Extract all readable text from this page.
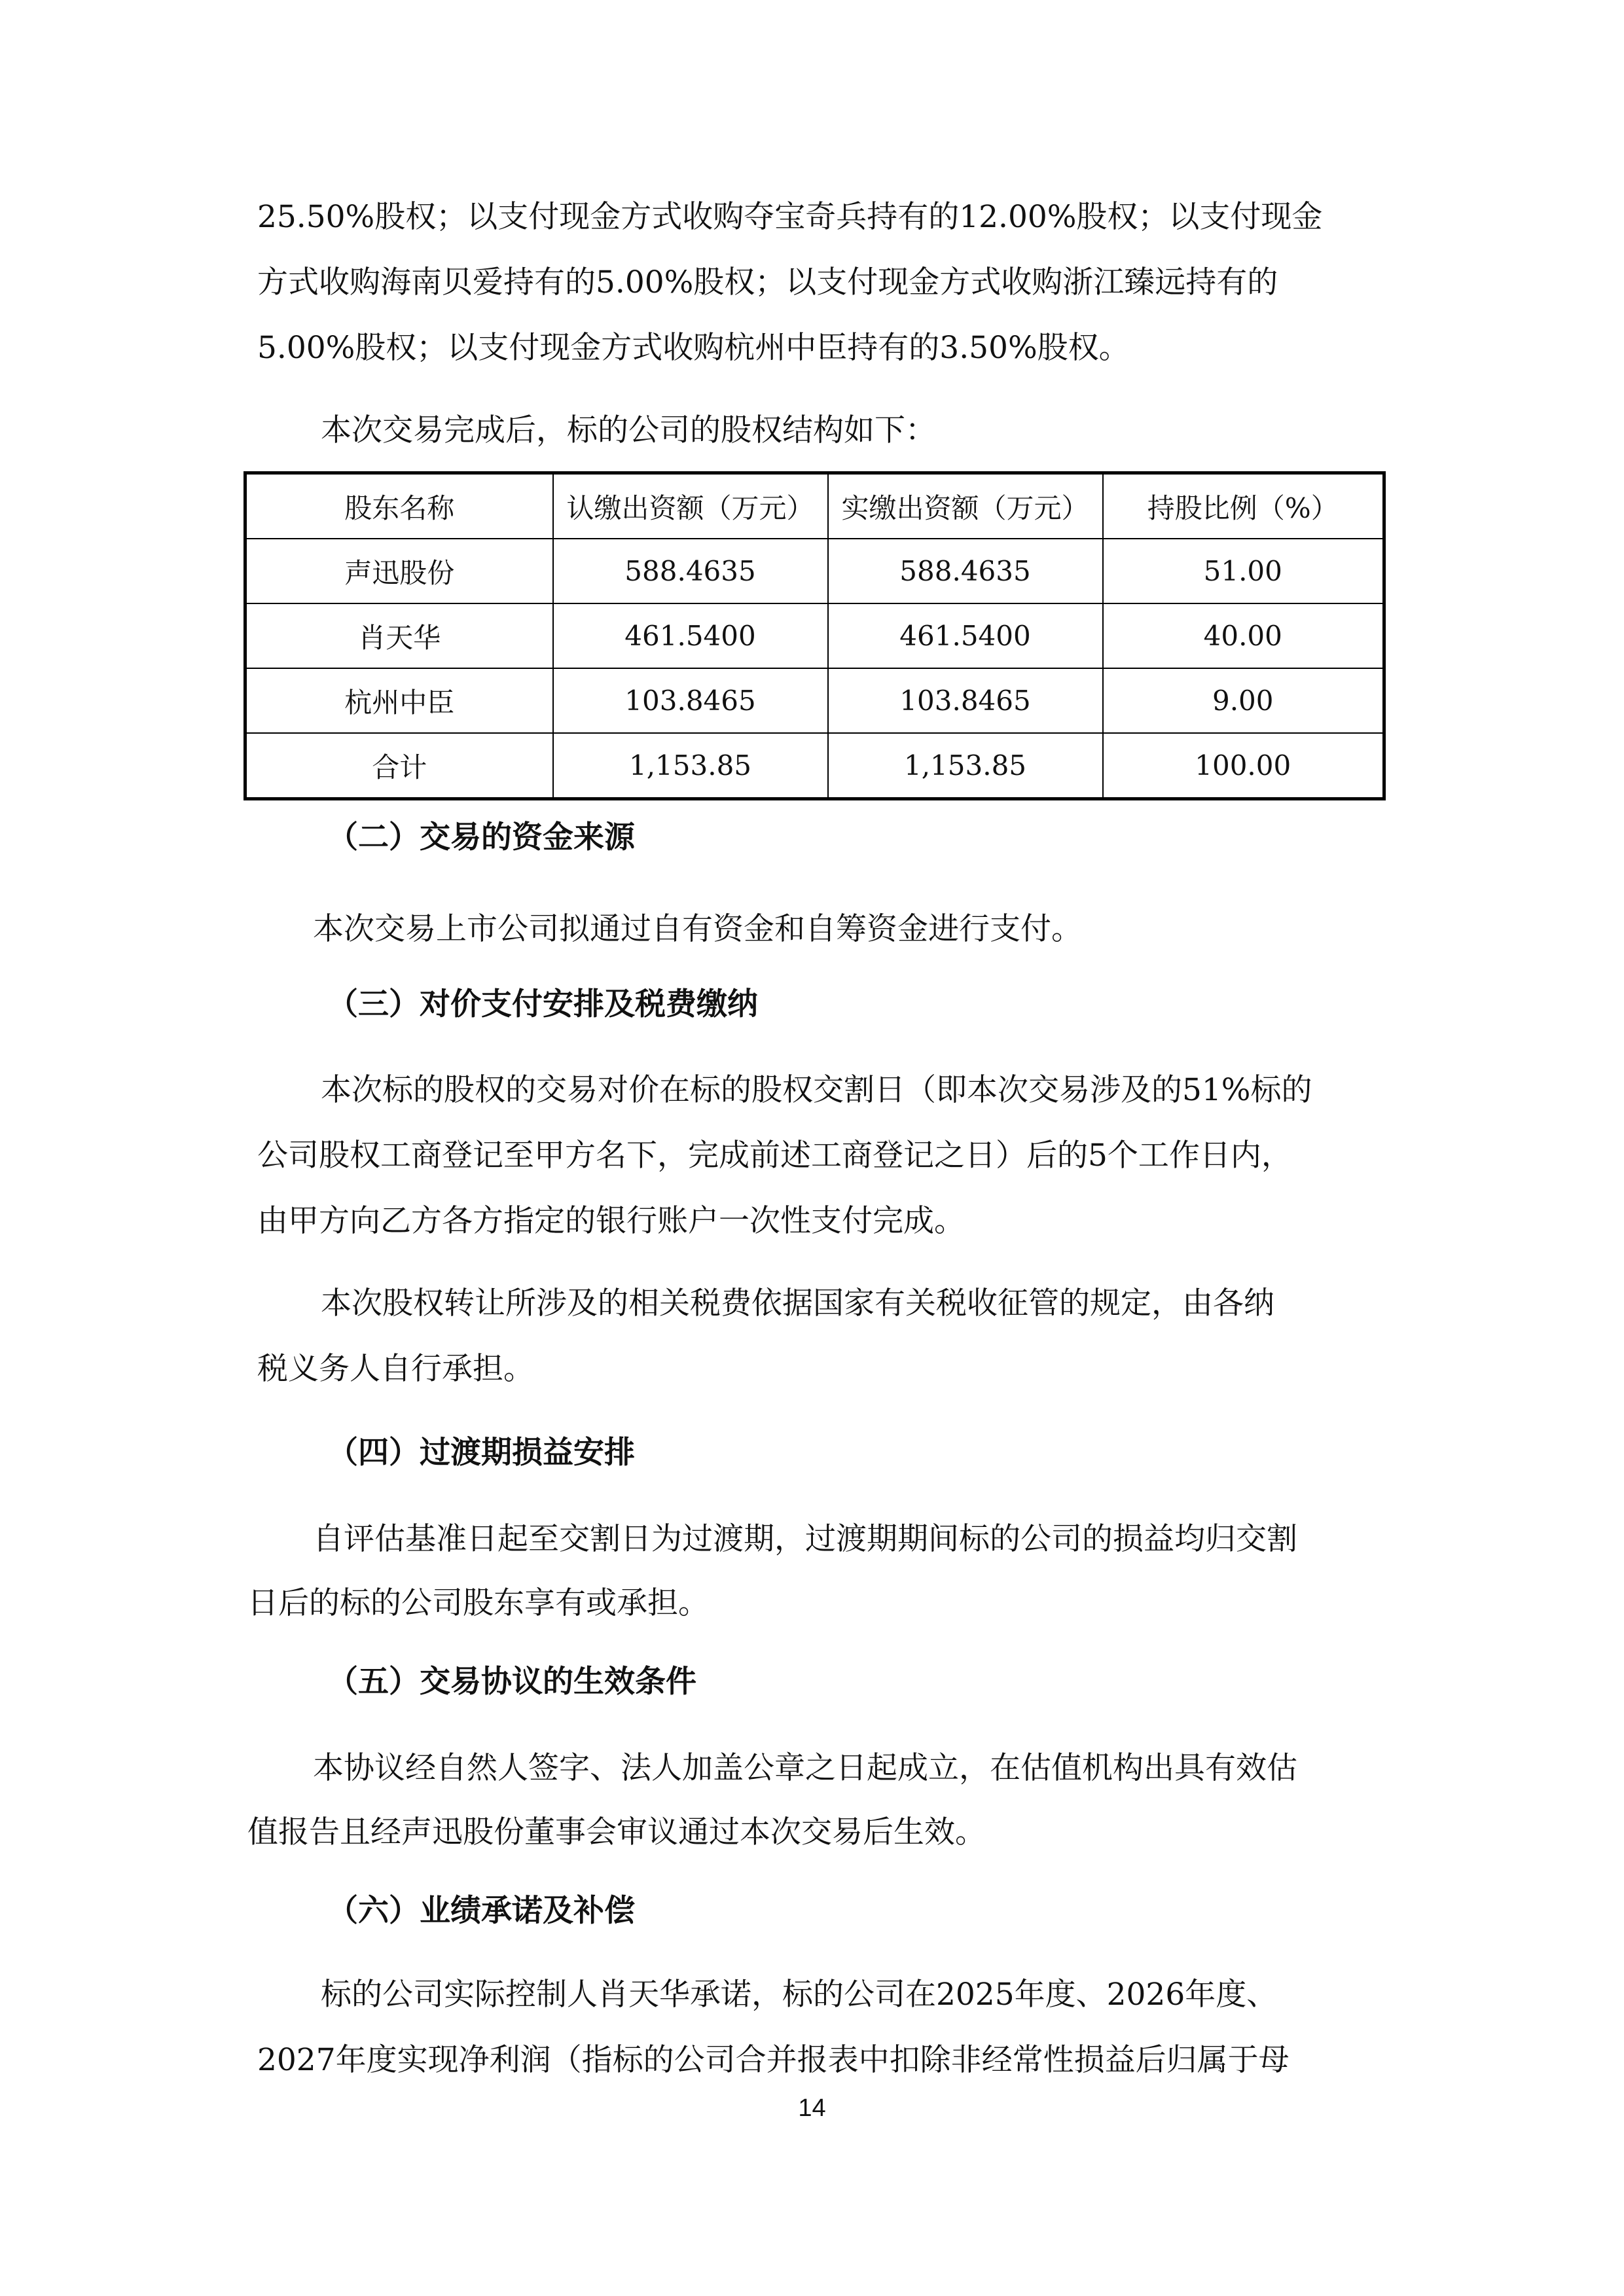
25.50%股权；以支付现金方式收购夺宝奇兵持有的12.00%股权；以支付现金
方式收购海南贝爱持有的5.00%股权；以支付现金方式收购浙江臻远持有的
5.00%股权；以支付现金方式收购杭州中臣持有的3.50%股权。
本次交易完成后，标的公司的股权结构如下：
股东名称	认缴出资额（万元）	实缴出资额（万元）	持股比例（%）
声迅股份	588.4635	588.4635	51.00
肖天华	461.5400	461.5400	40.00
杭州中臣	103.8465	103.8465	9.00
合计	1,153.85	1,153.85	100.00
（二）交易的资金来源
本次交易上市公司拟通过自有资金和自筹资金进行支付。
（三）对价支付安排及税费缴纳
本次标的股权的交易对价在标的股权交割日（即本次交易涉及的51%标的
公司股权工商登记至甲方名下，完成前述工商登记之日）后的5个工作日内，
由甲方向乙方各方指定的银行账户一次性支付完成。
本次股权转让所涉及的相关税费依据国家有关税收征管的规定，由各纳
税义务人自行承担。
（四）过渡期损益安排
自评估基准日起至交割日为过渡期，过渡期期间标的公司的损益均归交割
日后的标的公司股东享有或承担。
（五）交易协议的生效条件
本协议经自然人签字、法人加盖公章之日起成立，在估值机构出具有效估
值报告且经声迅股份董事会审议通过本次交易后生效。
（六）业绩承诺及补偿
标的公司实际控制人肖天华承诺，标的公司在2025年度、2026年度、
2027年度实现净利润（指标的公司合并报表中扣除非经常性损益后归属于母
14
